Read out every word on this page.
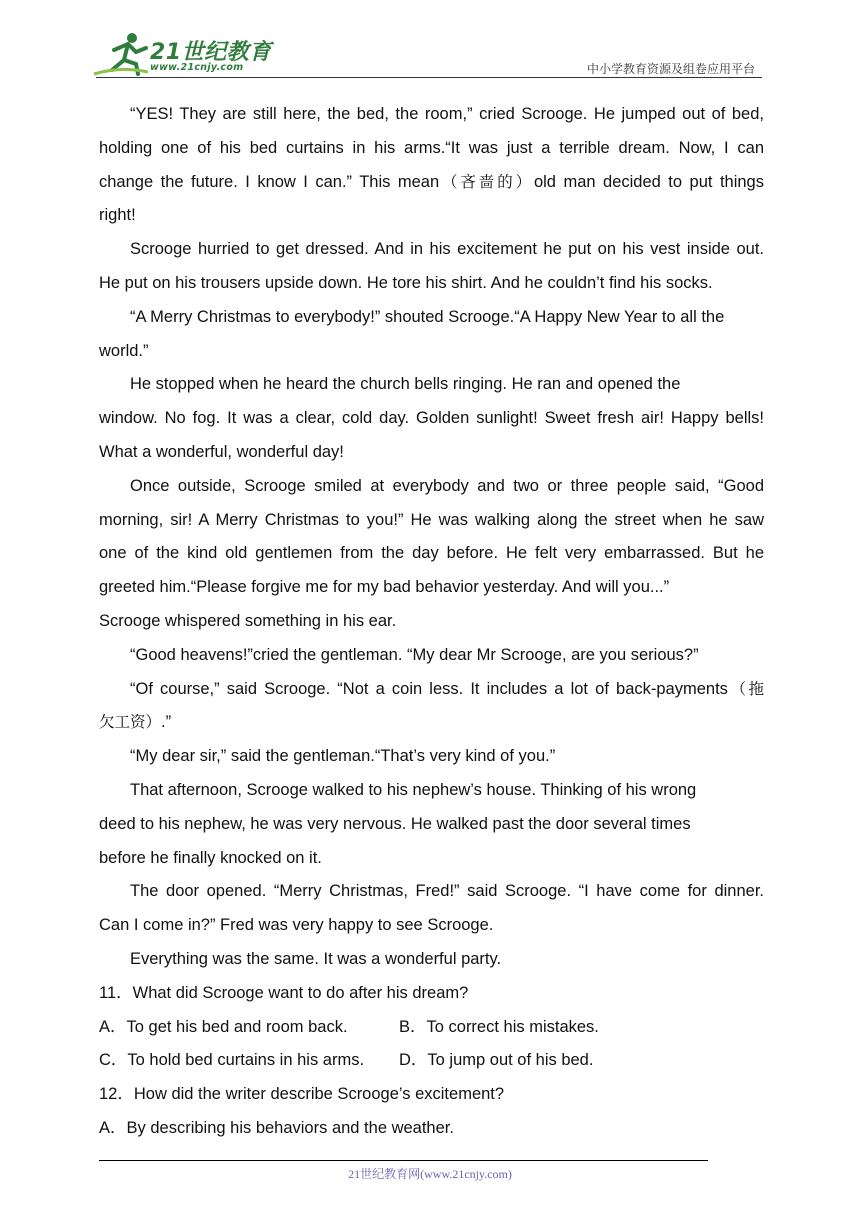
21世纪教育
www.21cnjy.com	中小学教育资源及组卷应用平台
“YES! They are still here, the bed, the room,” cried Scrooge. He jumped out of bed,
holding one of his bed curtains in his arms.“It was just a terrible dream. Now, I can
change the future. I know I can.” This mean（吝啬的）old man decided to put things
right!
Scrooge hurried to get dressed. And in his excitement he put on his vest inside out.
He put on his trousers upside down. He tore his shirt. And he couldn’t find his socks.
“A Merry Christmas to everybody!” shouted Scrooge.“A Happy New Year to all the
world.”
He stopped when he heard the church bells ringing. He ran and opened the
window. No fog. It was a clear, cold day. Golden sunlight! Sweet fresh air! Happy bells!
What a wonderful, wonderful day!
Once outside, Scrooge smiled at everybody and two or three people said, “Good
morning, sir! A Merry Christmas to you!” He was walking along the street when he saw
one of the kind old gentlemen from the day before. He felt very embarrassed. But he
greeted him.“Please forgive me for my bad behavior yesterday. And will you...”
Scrooge whispered something in his ear.
“Good heavens!”cried the gentleman. “My dear Mr Scrooge, are you serious?”
“Of course,” said Scrooge. “Not a coin less. It includes a lot of back-payments（拖
欠工资）.”
“My dear sir,” said the gentleman.“That’s very kind of you.”
That afternoon, Scrooge walked to his nephew’s house. Thinking of his wrong
deed to his nephew, he was very nervous. He walked past the door several times
before he finally knocked on it.
The door opened. “Merry Christmas, Fred!” said Scrooge. “I have come for dinner.
Can I come in?” Fred was very happy to see Scrooge.
Everything was the same. It was a wonderful party.
11．What did Scrooge want to do after his dream?
A．To get his bed and room back.	B．To correct his mistakes.
C．To hold bed curtains in his arms.	D．To jump out of his bed.
12．How did the writer describe Scrooge’s excitement?
A．By describing his behaviors and the weather.
21世纪教育网(www.21cnjy.com)
